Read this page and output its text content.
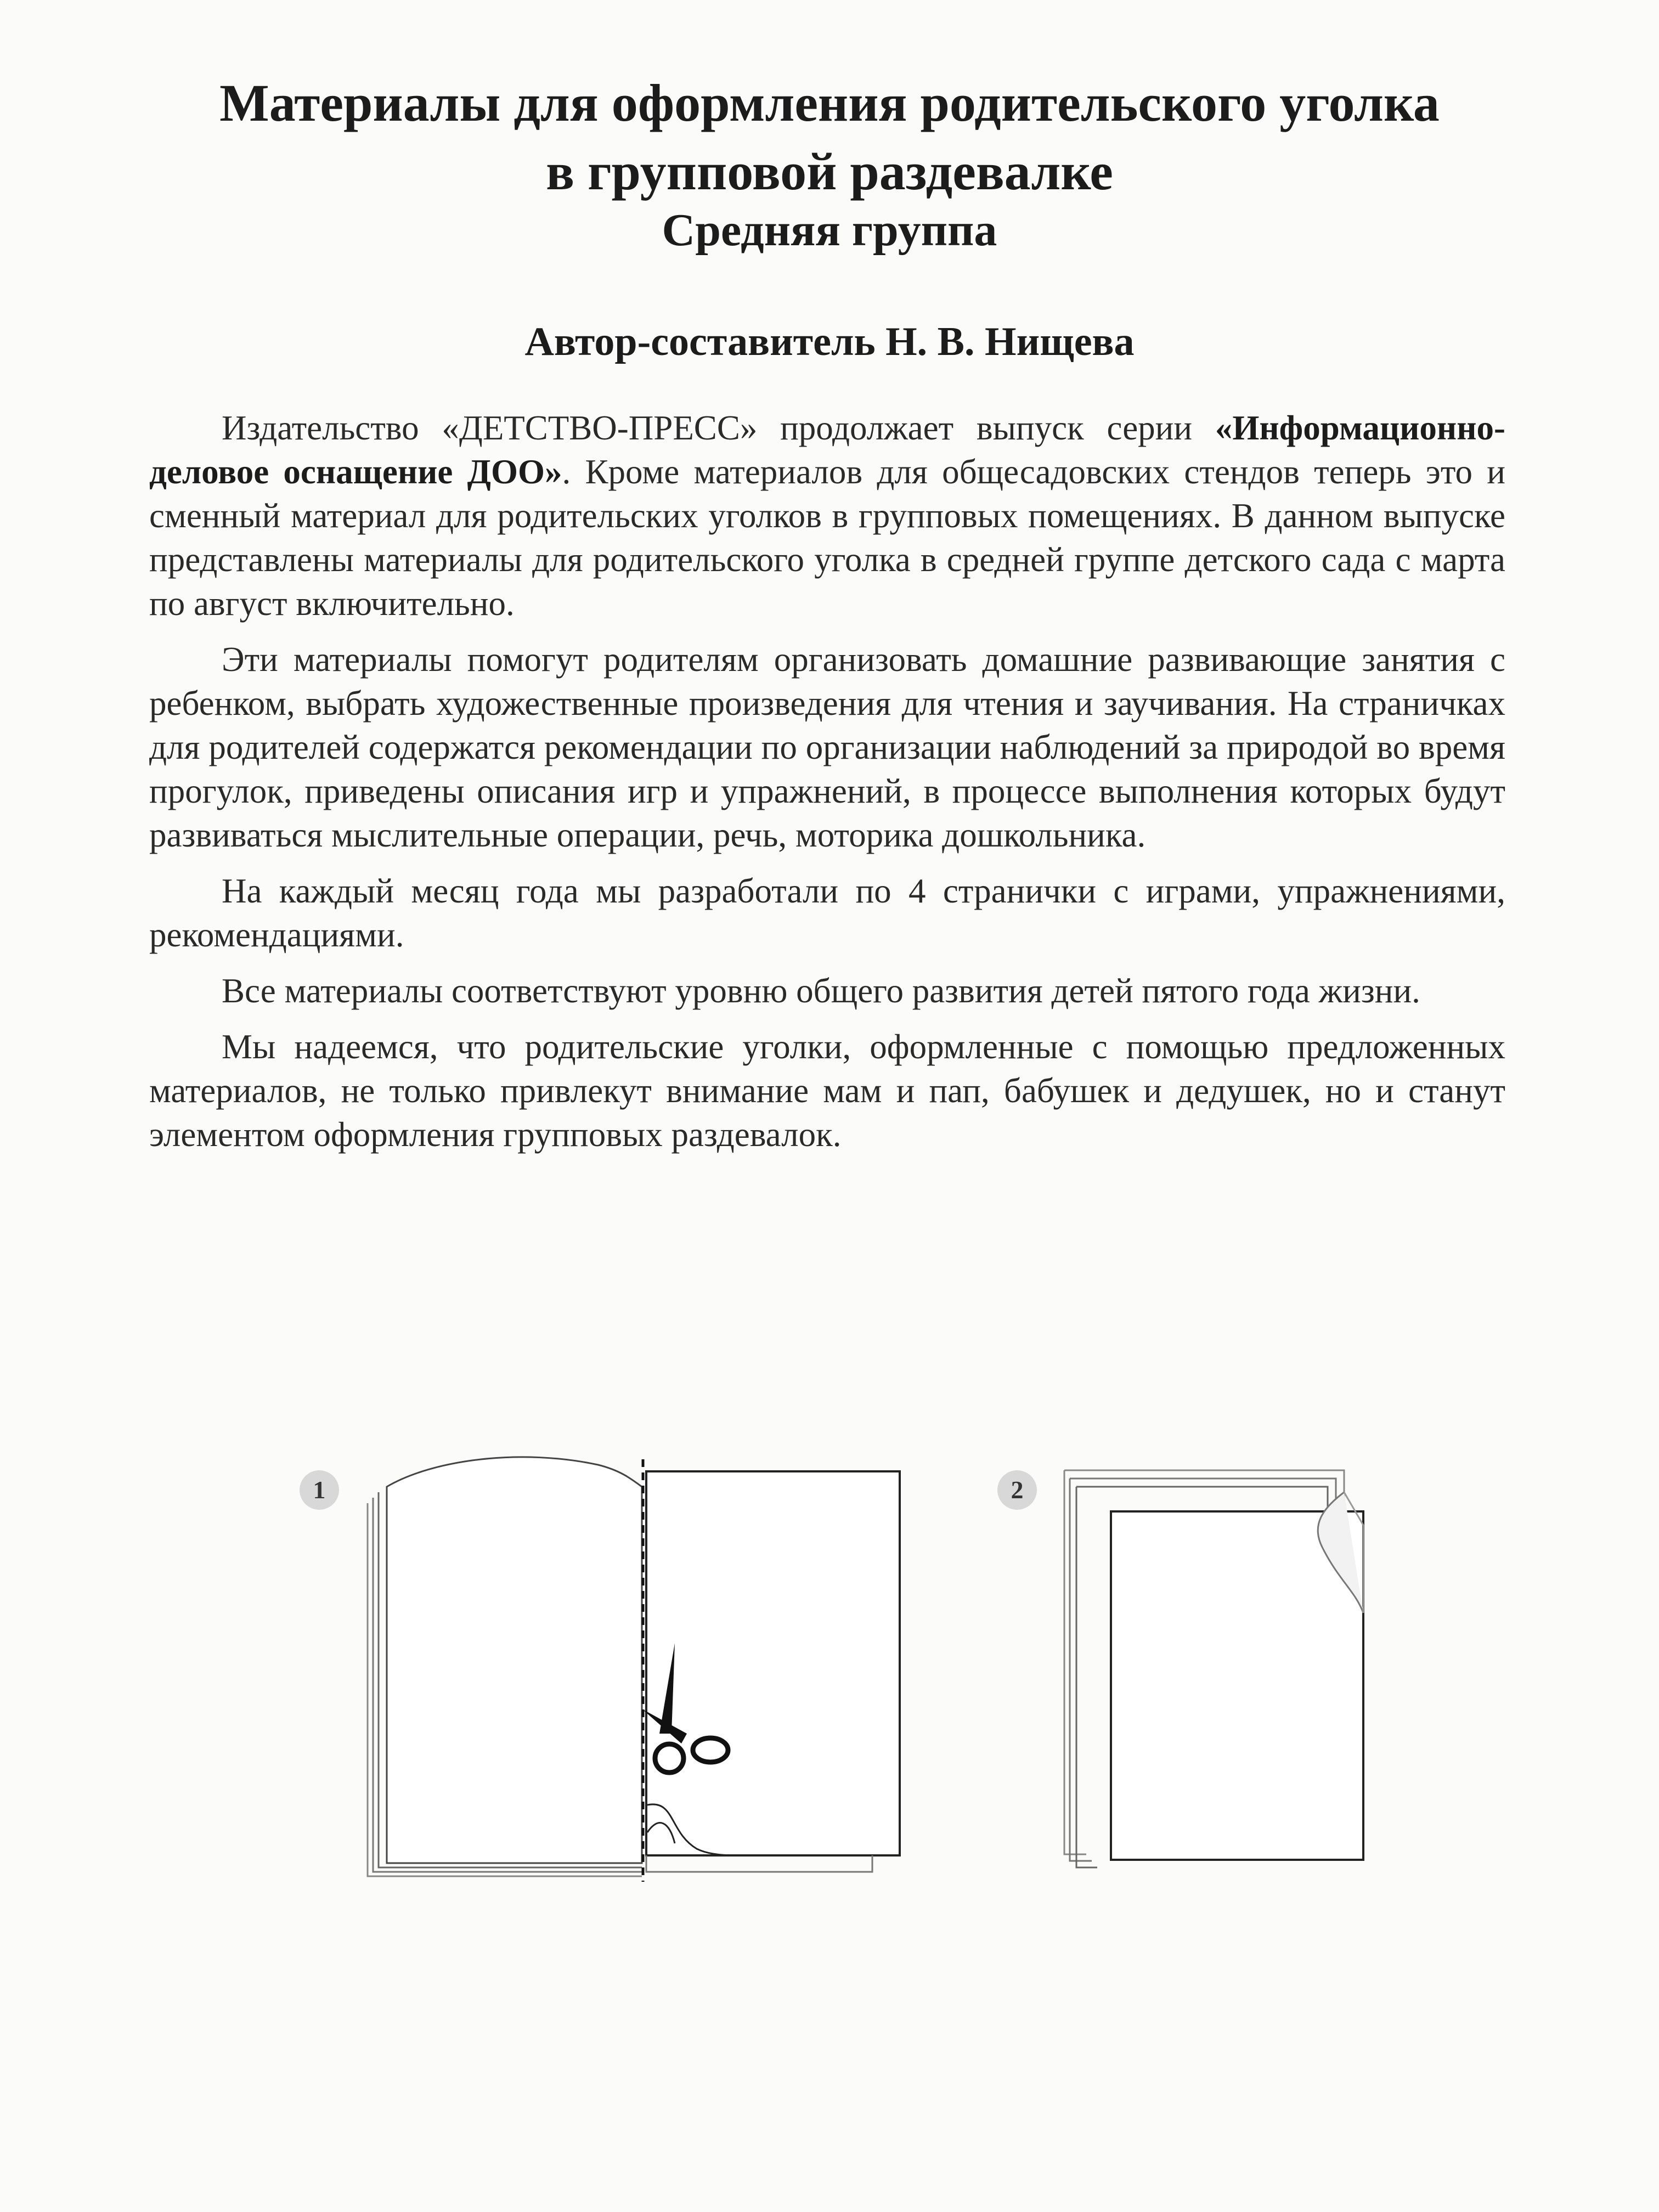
Материалы для оформления родительского уголка
в групповой раздевалке
Средняя группа
Автор-составитель Н. В. Нищева

Издательство «ДЕТСТВО-ПРЕСС» продолжает выпуск серии «Информационно-деловое оснащение ДОО». Кроме материалов для общесадовских стендов теперь это и сменный материал для родительских уголков в групповых помещениях. В данном выпуске представлены материалы для родительского уголка в средней группе детского сада с марта по август включительно.

Эти материалы помогут родителям организовать домашние развивающие занятия с ребенком, выбрать художественные произведения для чтения и заучивания. На страничках для родителей содержатся рекомендации по организации наблюдений за природой во время прогулок, приведены описания игр и упражнений, в процессе выполнения которых будут развиваться мыслительные операции, речь, моторика дошкольника.

На каждый месяц года мы разработали по 4 странички с играми, упражнениями, рекомендациями.

Все материалы соответствуют уровню общего развития детей пятого года жизни.

Мы надеемся, что родительские уголки, оформленные с помощью предложенных материалов, не только привлекут внимание мам и пап, бабушек и дедушек, но и станут элементом оформления групповых раздевалок.

1	2
